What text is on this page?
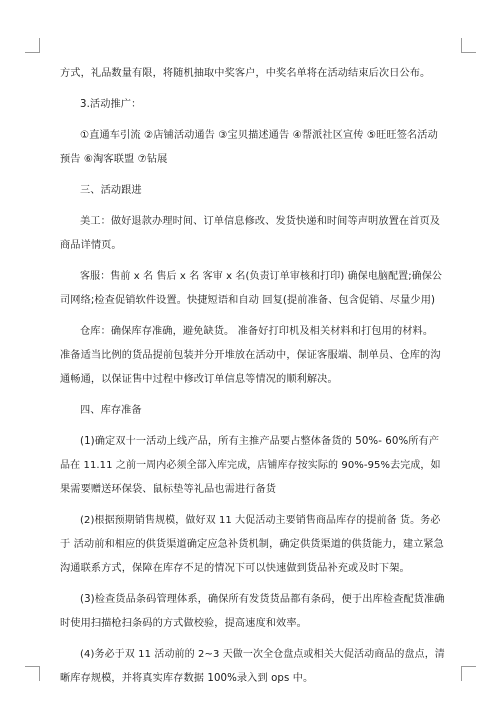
方式，礼品数量有限，将随机抽取中奖客户，中奖名单将在活动结束后次日公布。

3.活动推广：

①直通车引流 ②店铺活动通告 ③宝贝描述通告 ④帮派社区宣传 ⑤旺旺签名活动

预告 ⑥淘客联盟 ⑦钻展

三、活动跟进

美工：做好退款办理时间、订单信息修改、发货快递和时间等声明放置在首页及

商品详情页。

客服：售前 x 名 售后 x 名 客审 x 名(负责订单审核和打印) 确保电脑配置;确保公

司网络;检查促销软件设置。快捷短语和自动 回复(提前准备、包含促销、尽量少用)

仓库：确保库存准确，避免缺货。 准备好打印机及相关材料和打包用的材料。

准备适当比例的货品提前包装并分开堆放在活动中，保证客服端、制单员、仓库的沟

通畅通，以保证售中过程中修改订单信息等情况的顺利解决。

四、库存准备

(1)确定双十一活动上线产品，所有主推产品要占整体备货的 50%- 60%所有产

品在 11.11 之前一周内必须全部入库完成，店铺库存按实际的 90%-95%去完成，如

果需要赠送环保袋、鼠标垫等礼品也需进行备货

(2)根据预期销售规模，做好双 11 大促活动主要销售商品库存的提前备 货。务必

于 活动前和相应的供货渠道确定应急补货机制，确定供货渠道的供货能力，建立紧急

沟通联系方式，保障在库存不足的情况下可以快速做到货品补充或及时下架。

(3)检查货品条码管理体系，确保所有发货货品都有条码，便于出库检查配货准确

时使用扫描枪扫条码的方式做校验，提高速度和效率。

(4)务必于双 11 活动前的 2~3 天做一次全仓盘点或相关大促活动商品的盘点，清

晰库存规模，并将真实库存数据 100%录入到 ops 中。
